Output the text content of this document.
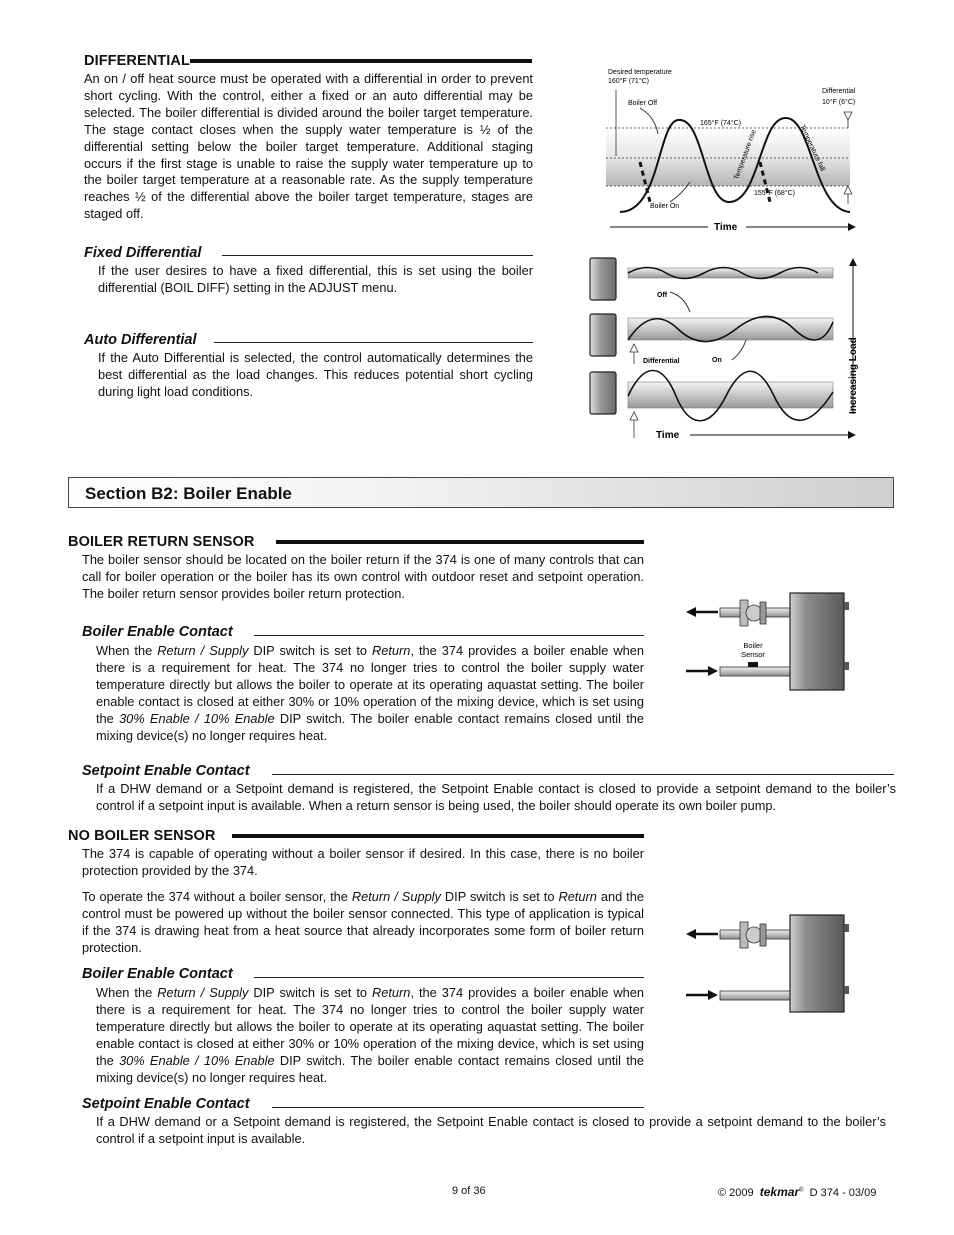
DIFFERENTIAL
An on / off heat source must be operated with a differential in order to prevent short cycling. With the control, either a fixed or an auto differential may be selected. The boiler differential is divided around the boiler target temperature. The stage contact closes when the supply water temperature is ½ of the differential setting below the boiler target temperature. Additional staging occurs if the first stage is unable to raise the supply water temperature up to the boiler target temperature at a reasonable rate. As the supply temperature reaches ½ of the differential above the boiler target temperature, stages are staged off.
Fixed Differential
If the user desires to have a fixed differential, this is set using the boiler differential (BOIL DIFF) setting in the ADJUST menu.
Auto Differential
If the Auto Differential is selected, the control automatically determines the best differential as the load changes. This reduces potential short cycling during light load conditions.
Desired temperature
160°F (71°C)
Boiler Off
Boiler On
Differential
10°F (6°C)
165°F (74°C)
155°F (68°C)
Temperature rise	Temperature fall
Time
Off
On
Differential
Time
Increasing Load
Section B2: Boiler Enable
BOILER RETURN SENSOR
The boiler sensor should be located on the boiler return if the 374 is one of many controls that can call for boiler operation or the boiler has its own control with outdoor reset and setpoint operation. The boiler return sensor provides boiler return protection.
Boiler Enable Contact
When the Return / Supply DIP switch is set to Return, the 374 provides a boiler enable when there is a requirement for heat. The 374 no longer tries to control the boiler supply water temperature directly but allows the boiler to operate at its operating aquastat setting. The boiler enable contact is closed at either 30% or 10% operation of the mixing device, which is set using the 30% Enable / 10% Enable DIP switch. The boiler enable contact remains closed until the mixing device(s) no longer requires heat.
Setpoint Enable Contact
If a DHW demand or a Setpoint demand is registered, the Setpoint Enable contact is closed to provide a setpoint demand to the boiler’s control if a setpoint input is available. When a return sensor is being used, the boiler should operate its own boiler pump.
Boiler
Sensor
NO BOILER SENSOR
The 374 is capable of operating without a boiler sensor if desired. In this case, there is no boiler protection provided by the 374.
To operate the 374 without a boiler sensor, the Return / Supply DIP switch is set to Return and the control must be powered up without the boiler sensor connected. This type of application is typical if the 374 is drawing heat from a heat source that already incorporates some form of boiler return protection.
Boiler Enable Contact
When the Return / Supply DIP switch is set to Return, the 374 provides a boiler enable when there is a requirement for heat. The 374 no longer tries to control the boiler supply water temperature directly but allows the boiler to operate at its operating aquastat setting. The boiler enable contact is closed at either 30% or 10% operation of the mixing device, which is set using the 30% Enable / 10% Enable DIP switch. The boiler enable contact remains closed until the mixing device(s) no longer requires heat.
Setpoint Enable Contact
If a DHW demand or a Setpoint demand is registered, the Setpoint Enable contact is closed to provide a setpoint demand to the boiler’s control if a setpoint input is available.
9 of 36	© 2009 tekmar® D 374 - 03/09
